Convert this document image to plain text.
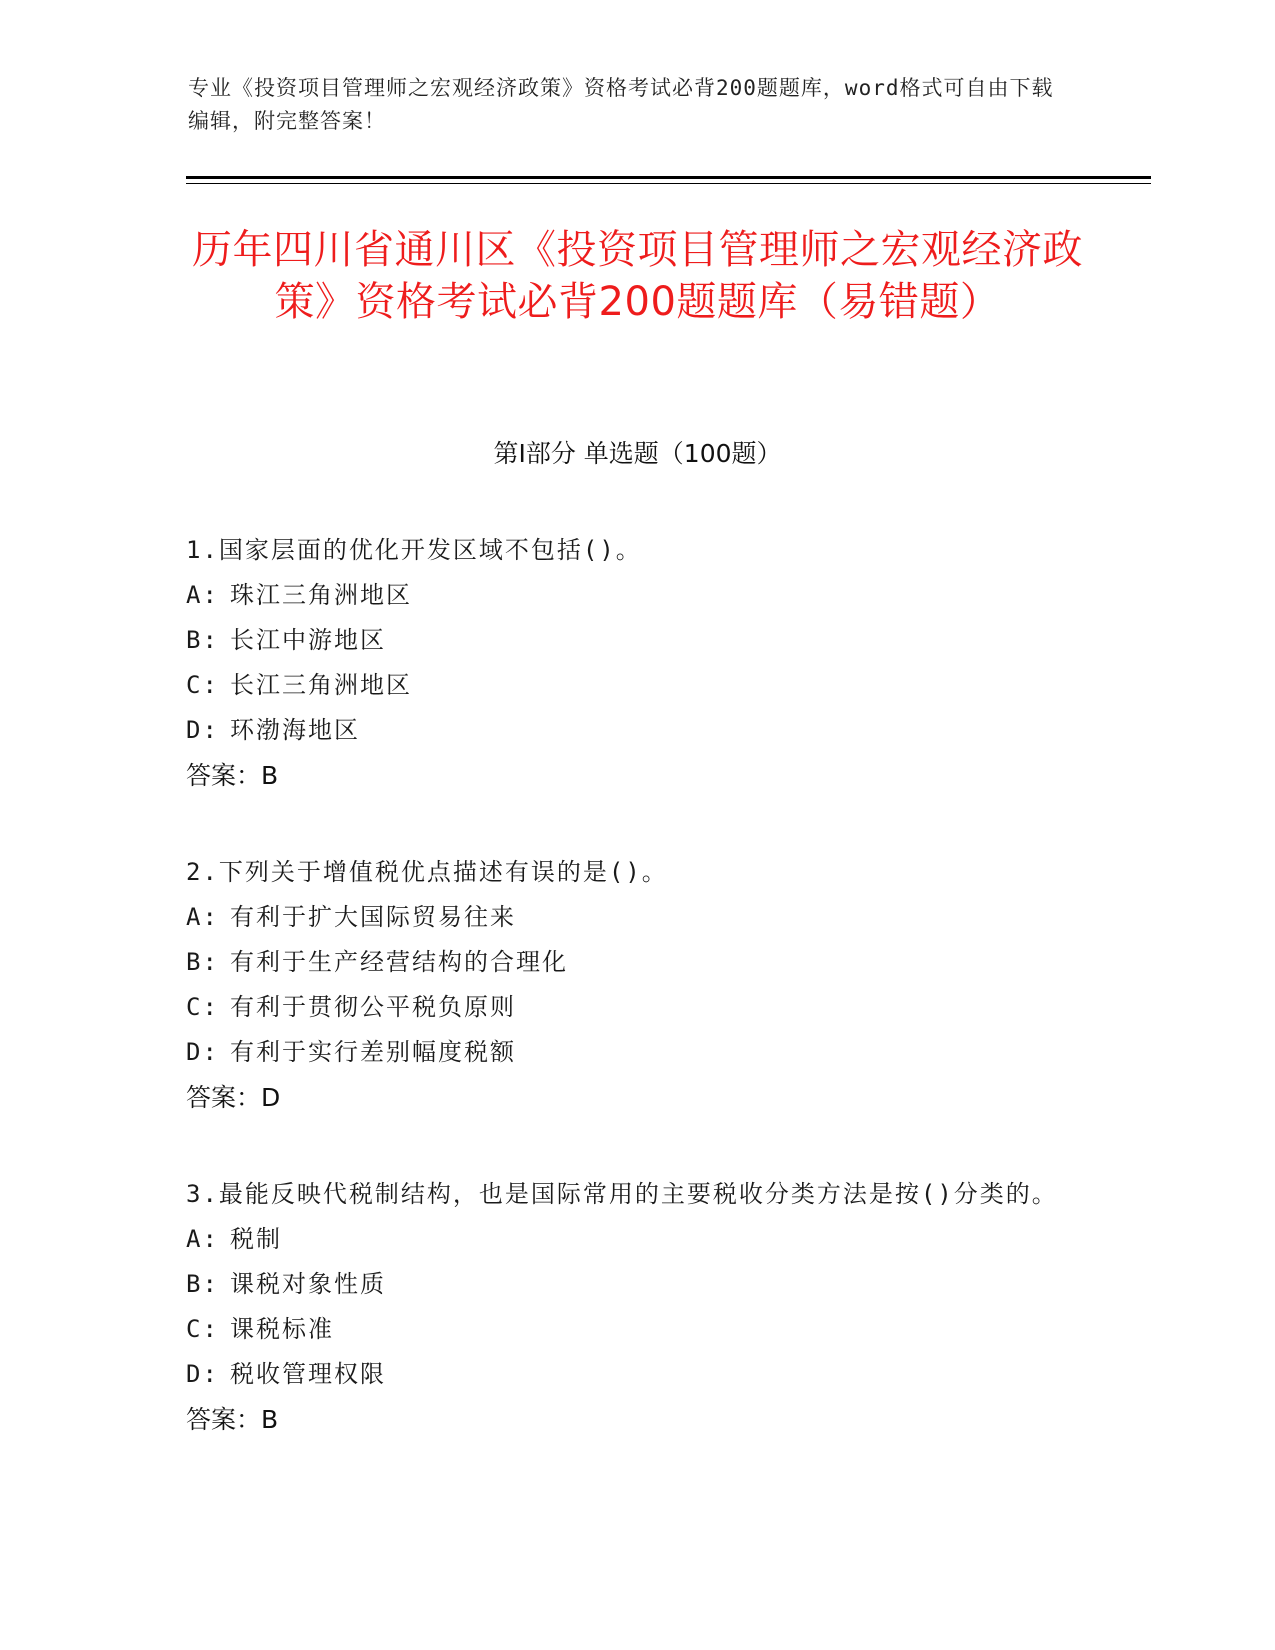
专业《投资项目管理师之宏观经济政策》资格考试必背200题题库，word格式可自由下载编辑，附完整答案！
历年四川省通川区《投资项目管理师之宏观经济政策》资格考试必背200题题库（易错题）
第Ⅰ部分 单选题（100题）
1.国家层面的优化开发区域不包括()。
A: 珠江三角洲地区
B: 长江中游地区
C: 长江三角洲地区
D: 环渤海地区
答案：B
2.下列关于增值税优点描述有误的是()。
A: 有利于扩大国际贸易往来
B: 有利于生产经营结构的合理化
C: 有利于贯彻公平税负原则
D: 有利于实行差别幅度税额
答案：D
3.最能反映代税制结构，也是国际常用的主要税收分类方法是按()分类的。
A: 税制
B: 课税对象性质
C: 课税标准
D: 税收管理权限
答案：B
